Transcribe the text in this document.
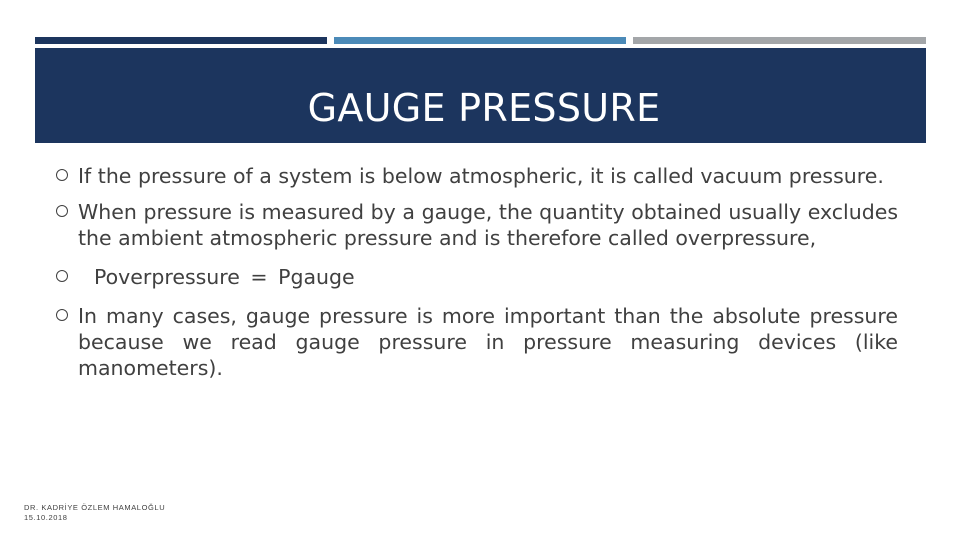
GAUGE PRESSURE
If the pressure of a system is below atmospheric, it is called vacuum pressure.
When pressure is measured by a gauge, the quantity obtained usually excludes the ambient atmospheric pressure and is therefore called overpressure,
Poverpressure = Pgauge
In many cases, gauge pressure is more important than the absolute pressure because we read gauge pressure in pressure measuring devices (like manometers).
DR. KADRİYE ÖZLEM HAMALOĞLU
15.10.2018
